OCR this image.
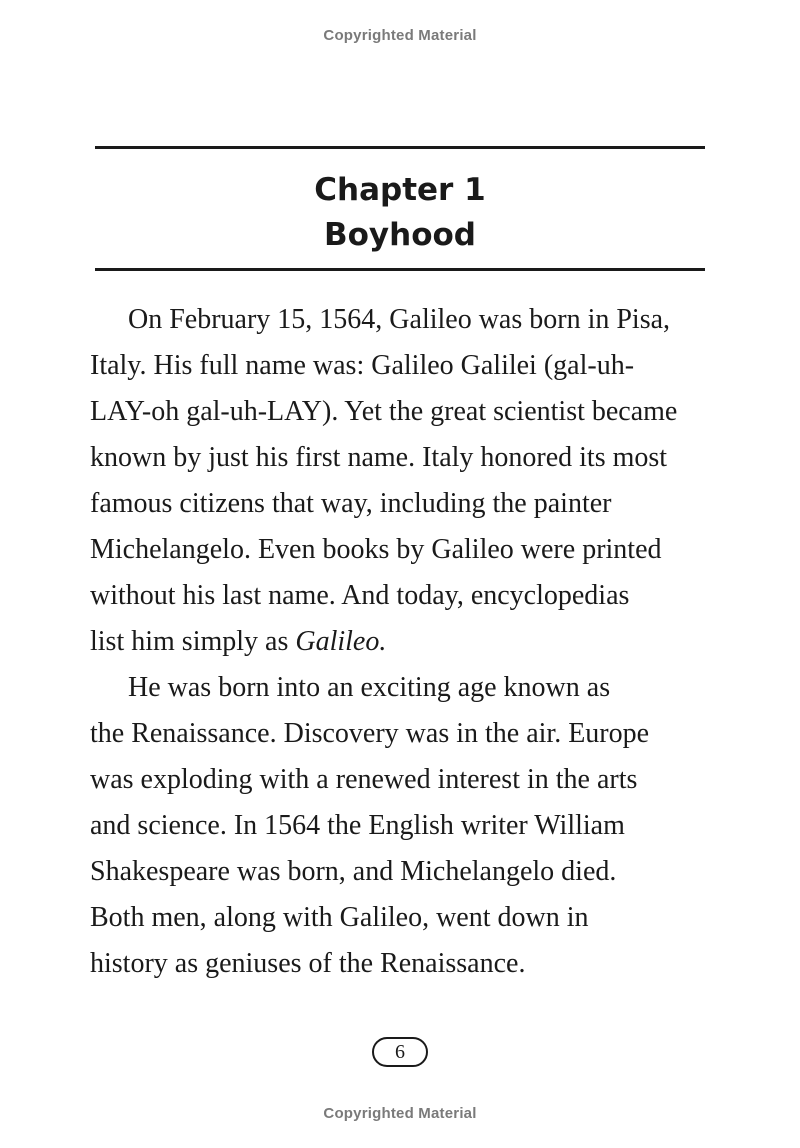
Copyrighted Material
Chapter 1
Boyhood
On February 15, 1564, Galileo was born in Pisa,
Italy. His full name was: Galileo Galilei (gal-uh-
LAY-oh gal-uh-LAY). Yet the great scientist became
known by just his first name. Italy honored its most
famous citizens that way, including the painter
Michelangelo. Even books by Galileo were printed
without his last name. And today, encyclopedias
list him simply as Galileo.
He was born into an exciting age known as
the Renaissance. Discovery was in the air. Europe
was exploding with a renewed interest in the arts
and science. In 1564 the English writer William
Shakespeare was born, and Michelangelo died.
Both men, along with Galileo, went down in
history as geniuses of the Renaissance.
6
Copyrighted Material
